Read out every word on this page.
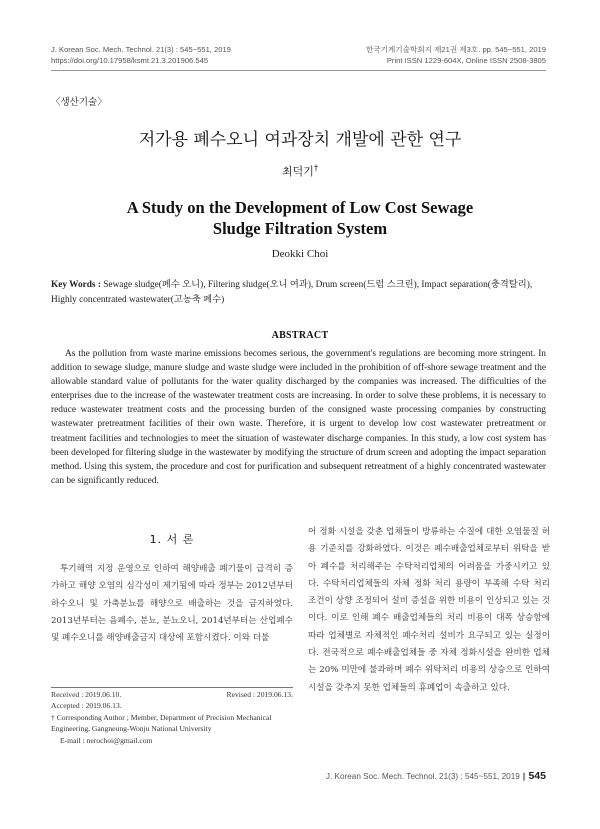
J. Korean Soc. Mech. Technol. 21(3) : 545~551, 2019
https://doi.org/10.17958/ksmt.21.3.201906.545
한국기계기술학회지 제21권 제3호. pp. 545~551, 2019
Print ISSN 1229-604X, Online ISSN 2508-3805
〈생산기술〉
저가용 폐수오니 여과장치 개발에 관한 연구
최덕기†
A Study on the Development of Low Cost Sewage
Sludge Filtration System
Deokki Choi
Key Words : Sewage sludge(폐수 오니), Filtering sludge(오니 여과), Drum screen(드럼 스크린), Impact separation(충격탈리), Highly concentrated wastewater(고농축 폐수)
ABSTRACT
As the pollution from waste marine emissions becomes serious, the government's regulations are becoming more stringent. In addition to sewage sludge, manure sludge and waste sludge were included in the prohibition of off-shore sewage treatment and the allowable standard value of pollutants for the water quality discharged by the companies was increased. The difficulties of the enterprises due to the increase of the wastewater treatment costs are increasing. In order to solve these problems, it is necessary to reduce wastewater treatment costs and the processing burden of the consigned waste processing companies by constructing wastewater pretreatment facilities of their own waste. Therefore, it is urgent to develop low cost wastewater pretreatment or treatment facilities and technologies to meet the situation of wastewater discharge companies. In this study, a low cost system has been developed for filtering sludge in the wastewater by modifying the structure of drum screen and adopting the impact separation method. Using this system, the procedure and cost for purification and subsequent retreatment of a highly concentrated wastewater can be significantly reduced.
1. 서 론

투기해역 지정 운영으로 인하여 해양배출 폐기물이 급격히 증가하고 해양 오염의 심각성이 제기됨에 따라 정부는 2012년부터 하수오니 및 가축분뇨를 해양으로 배출하는 것을 금지하였다. 2013년부터는 음폐수, 분뇨, 분뇨오니, 2014년부터는 산업폐수 및 폐수오니를 해양배출금지 대상에 포함시켰다. 이와 더불

어 정화 시설을 갖춘 업체들이 방류하는 수질에 대한 오염물질 허용 기준치를 강화하였다. 이것은 폐수배출업체로부터 위탁을 받아 폐수를 처리해주는 수탁처리업체의 어려움을 가중시키고 있다. 수탁처리업체들의 자체 정화 처리 용량이 부족해 수탁 처리 조건이 상향 조정되어 설비 증설을 위한 비용이 인상되고 있는 것이다. 이로 인해 폐수 배출업체들의 처리 비용이 대폭 상승함에 따라 업체별로 자체적인 폐수처리 설비가 요구되고 있는 실정이다. 전국적으로 폐수배출업체들 중 자체 정화시설을 완비한 업체는 20% 미만에 불과하며 폐수 위탁처리 비용의 상승으로 인하여 시설을 갖추지 못한 업체들의 휴폐업이 속출하고 있다.

Received : 2019.06.10.	Revised : 2019.06.13.
Accepted : 2019.06.13.
† Corresponding Author ; Member, Department of Precision Mechanical Engineering, Gangneung-Wonju National University
E-mail : nerochoi@gmail.com
J. Korean Soc. Mech. Technol. 21(3) : 545~551, 2019 ∥ 545
